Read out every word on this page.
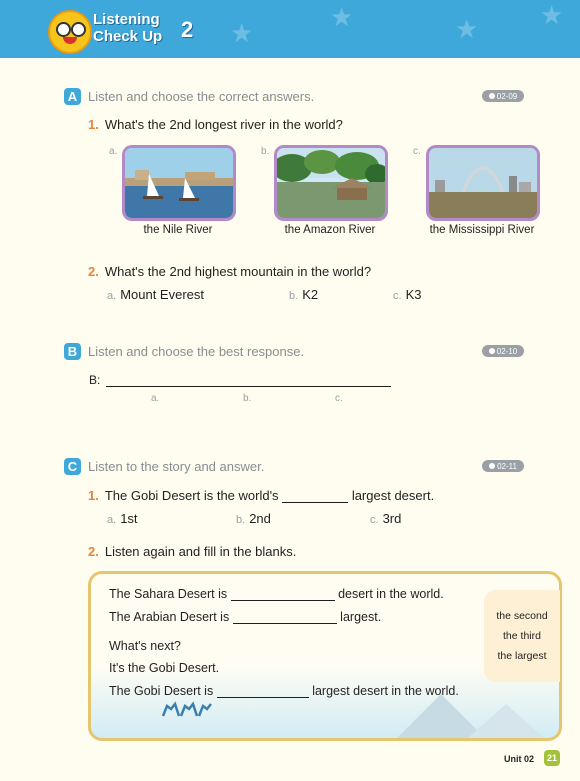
★
★	★ ★
Listening
Check Up 2
A Listen and choose the correct answers.	02-09
1. What's the 2nd longest river in the world?
a.	b.	c.
the Nile River	the Amazon River	the Mississippi River
2. What's the 2nd highest mountain in the world?
a. Mount Everest	b. K2	c. K3
B Listen and choose the best response.	02-10
B:
a.	b.	c.
C Listen to the story and answer.	02-11
1. The Gobi Desert is the world's	largest desert.
a. 1st	b. 2nd	c. 3rd
2. Listen again and fill in the blanks.
The Sahara Desert is	desert in the world.
The Arabian Desert is	largest.
What's next?
It's the Gobi Desert.
The Gobi Desert is	largest desert in the world.
the second
the third
the largest
Unit 02	21
